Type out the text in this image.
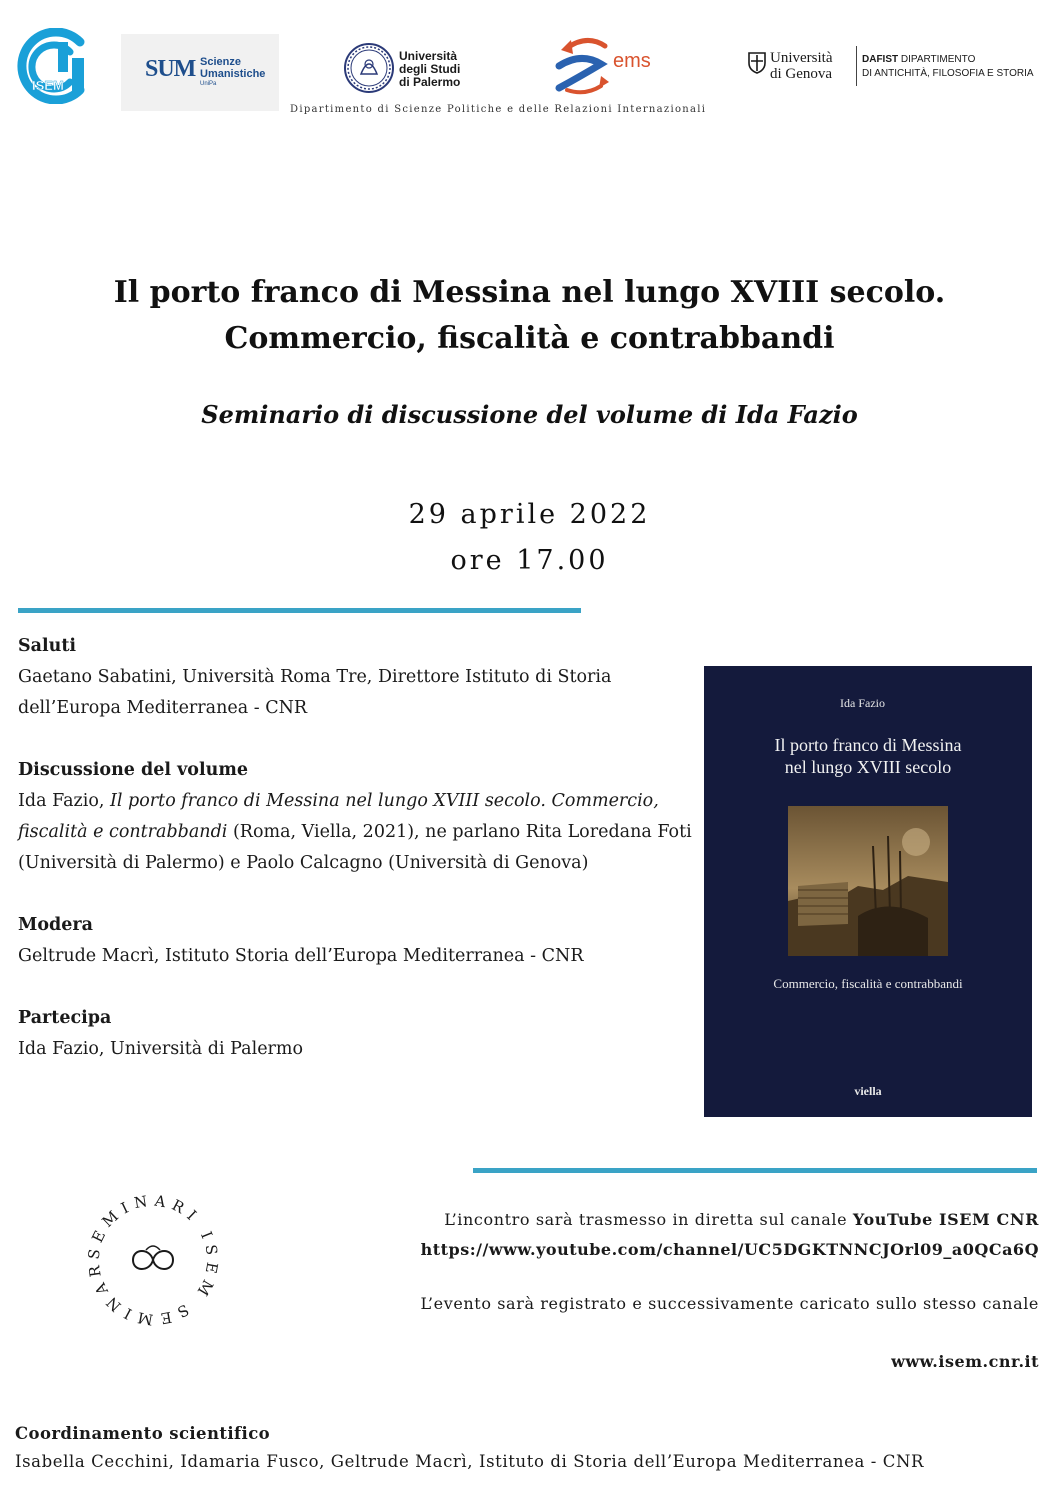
ISEM
SUM Scienze
Umanistiche
UniPa
Università
degli Studi
di Palermo
ems	Università
di Genova
DAFIST DIPARTIMENTO
DI ANTICHITÀ, FILOSOFIA E STORIA
Dipartimento di Scienze Politiche e delle Relazioni Internazionali
Il porto franco di Messina nel lungo XVIII secolo.
Commercio, fiscalità e contrabbandi
Seminario di discussione del volume di Ida Fazio
29 aprile 2022
ore 17.00
Saluti
Gaetano Sabatini, Università Roma Tre, Direttore Istituto di Storia dell’Europa Mediterranea - CNR
Discussione del volume
Ida Fazio, Il porto franco di Messina nel lungo XVIII secolo. Commercio, fiscalità e contrabbandi (Roma, Viella, 2021), ne parlano Rita Loredana Foti (Università di Palermo) e Paolo Calcagno (Università di Genova)
Modera
Geltrude Macrì, Istituto Storia dell’Europa Mediterranea - CNR
Partecipa
Ida Fazio, Università di Palermo
Ida Fazio
Il porto franco di Messina
nel lungo XVIII secolo
Commercio, fiscalità e contrabbandi
viella
SEMINARI ISEM SEMINAR
L’incontro sarà trasmesso in diretta sul canale YouTube ISEM CNR
https://www.youtube.com/channel/UC5DGKTNNCJOrl09_a0QCa6Q
L’evento sarà registrato e successivamente caricato sullo stesso canale
www.isem.cnr.it
Coordinamento scientifico
Isabella Cecchini, Idamaria Fusco, Geltrude Macrì, Istituto di Storia dell’Europa Mediterranea - CNR
